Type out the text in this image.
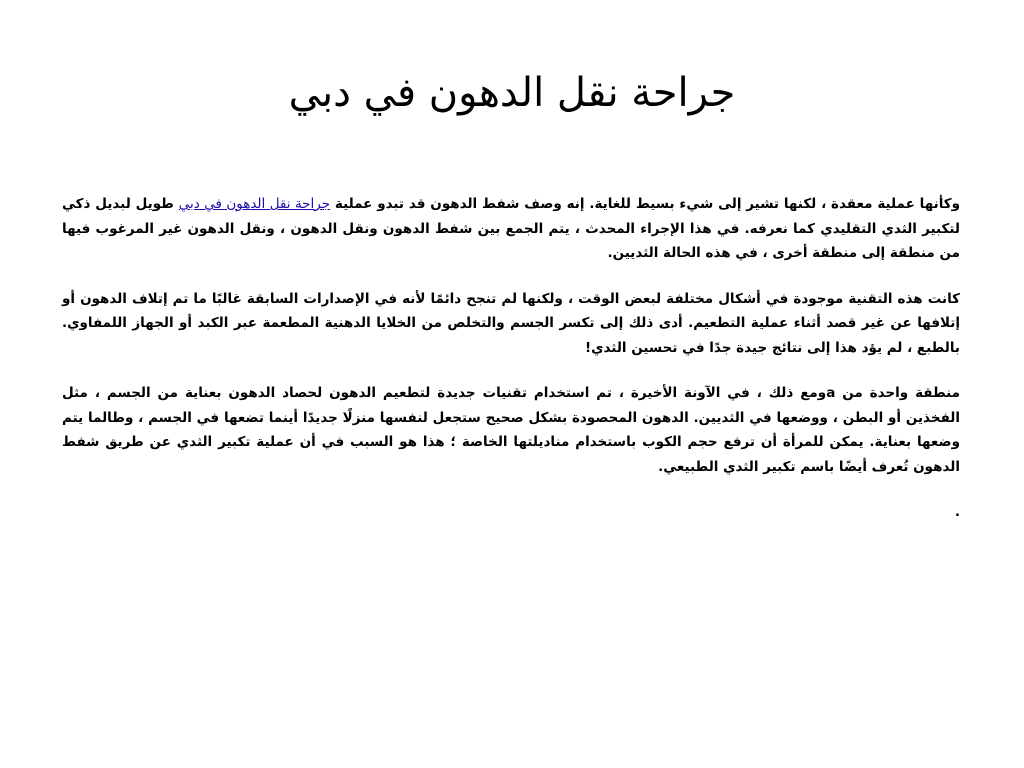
جراحة نقل الدهون في دبي

وكأنها عملية معقدة ، لكنها تشير إلى شيء بسيط للغاية. إنه وصف شفط الدهون قد تبدو عملية جراحة نقل الدهون في دبي طويل لبديل ذكي لتكبير الثدي التقليدي كما نعرفه. في هذا الإجراء المحدث ، يتم الجمع بين شفط الدهون ونقل الدهون ، ونقل الدهون غير المرغوب فيها من منطقة إلى منطقة أخرى ، في هذه الحالة الثديين.

كانت هذه التقنية موجودة في أشكال مختلفة لبعض الوقت ، ولكنها لم تنجح دائمًا لأنه في الإصدارات السابقة غالبًا ما تم إتلاف الدهون أو إتلافها عن غير قصد أثناء عملية التطعيم. أدى ذلك إلى تكسر الجسم والتخلص من الخلايا الدهنية المطعمة عبر الكبد أو الجهاز اللمفاوي. بالطبع ، لم يؤد هذا إلى نتائج جيدة جدًا في تحسين الثدي!

منطقة واحدة من aومع ذلك ، في الآونة الأخيرة ، تم استخدام تقنيات جديدة لتطعيم الدهون لحصاد الدهون بعناية من الجسم ، مثل الفخذين أو البطن ، ووضعها في الثديين. الدهون المحصودة بشكل صحيح ستجعل لنفسها منزلًا جديدًا أينما تضعها في الجسم ، وطالما يتم وضعها بعناية. يمكن للمرأة أن ترفع حجم الكوب باستخدام مناديلتها الخاصة ؛ هذا هو السبب في أن عملية تكبير الثدي عن طريق شفط الدهون تُعرف أيضًا باسم تكبير الثدي الطبيعي.

.
